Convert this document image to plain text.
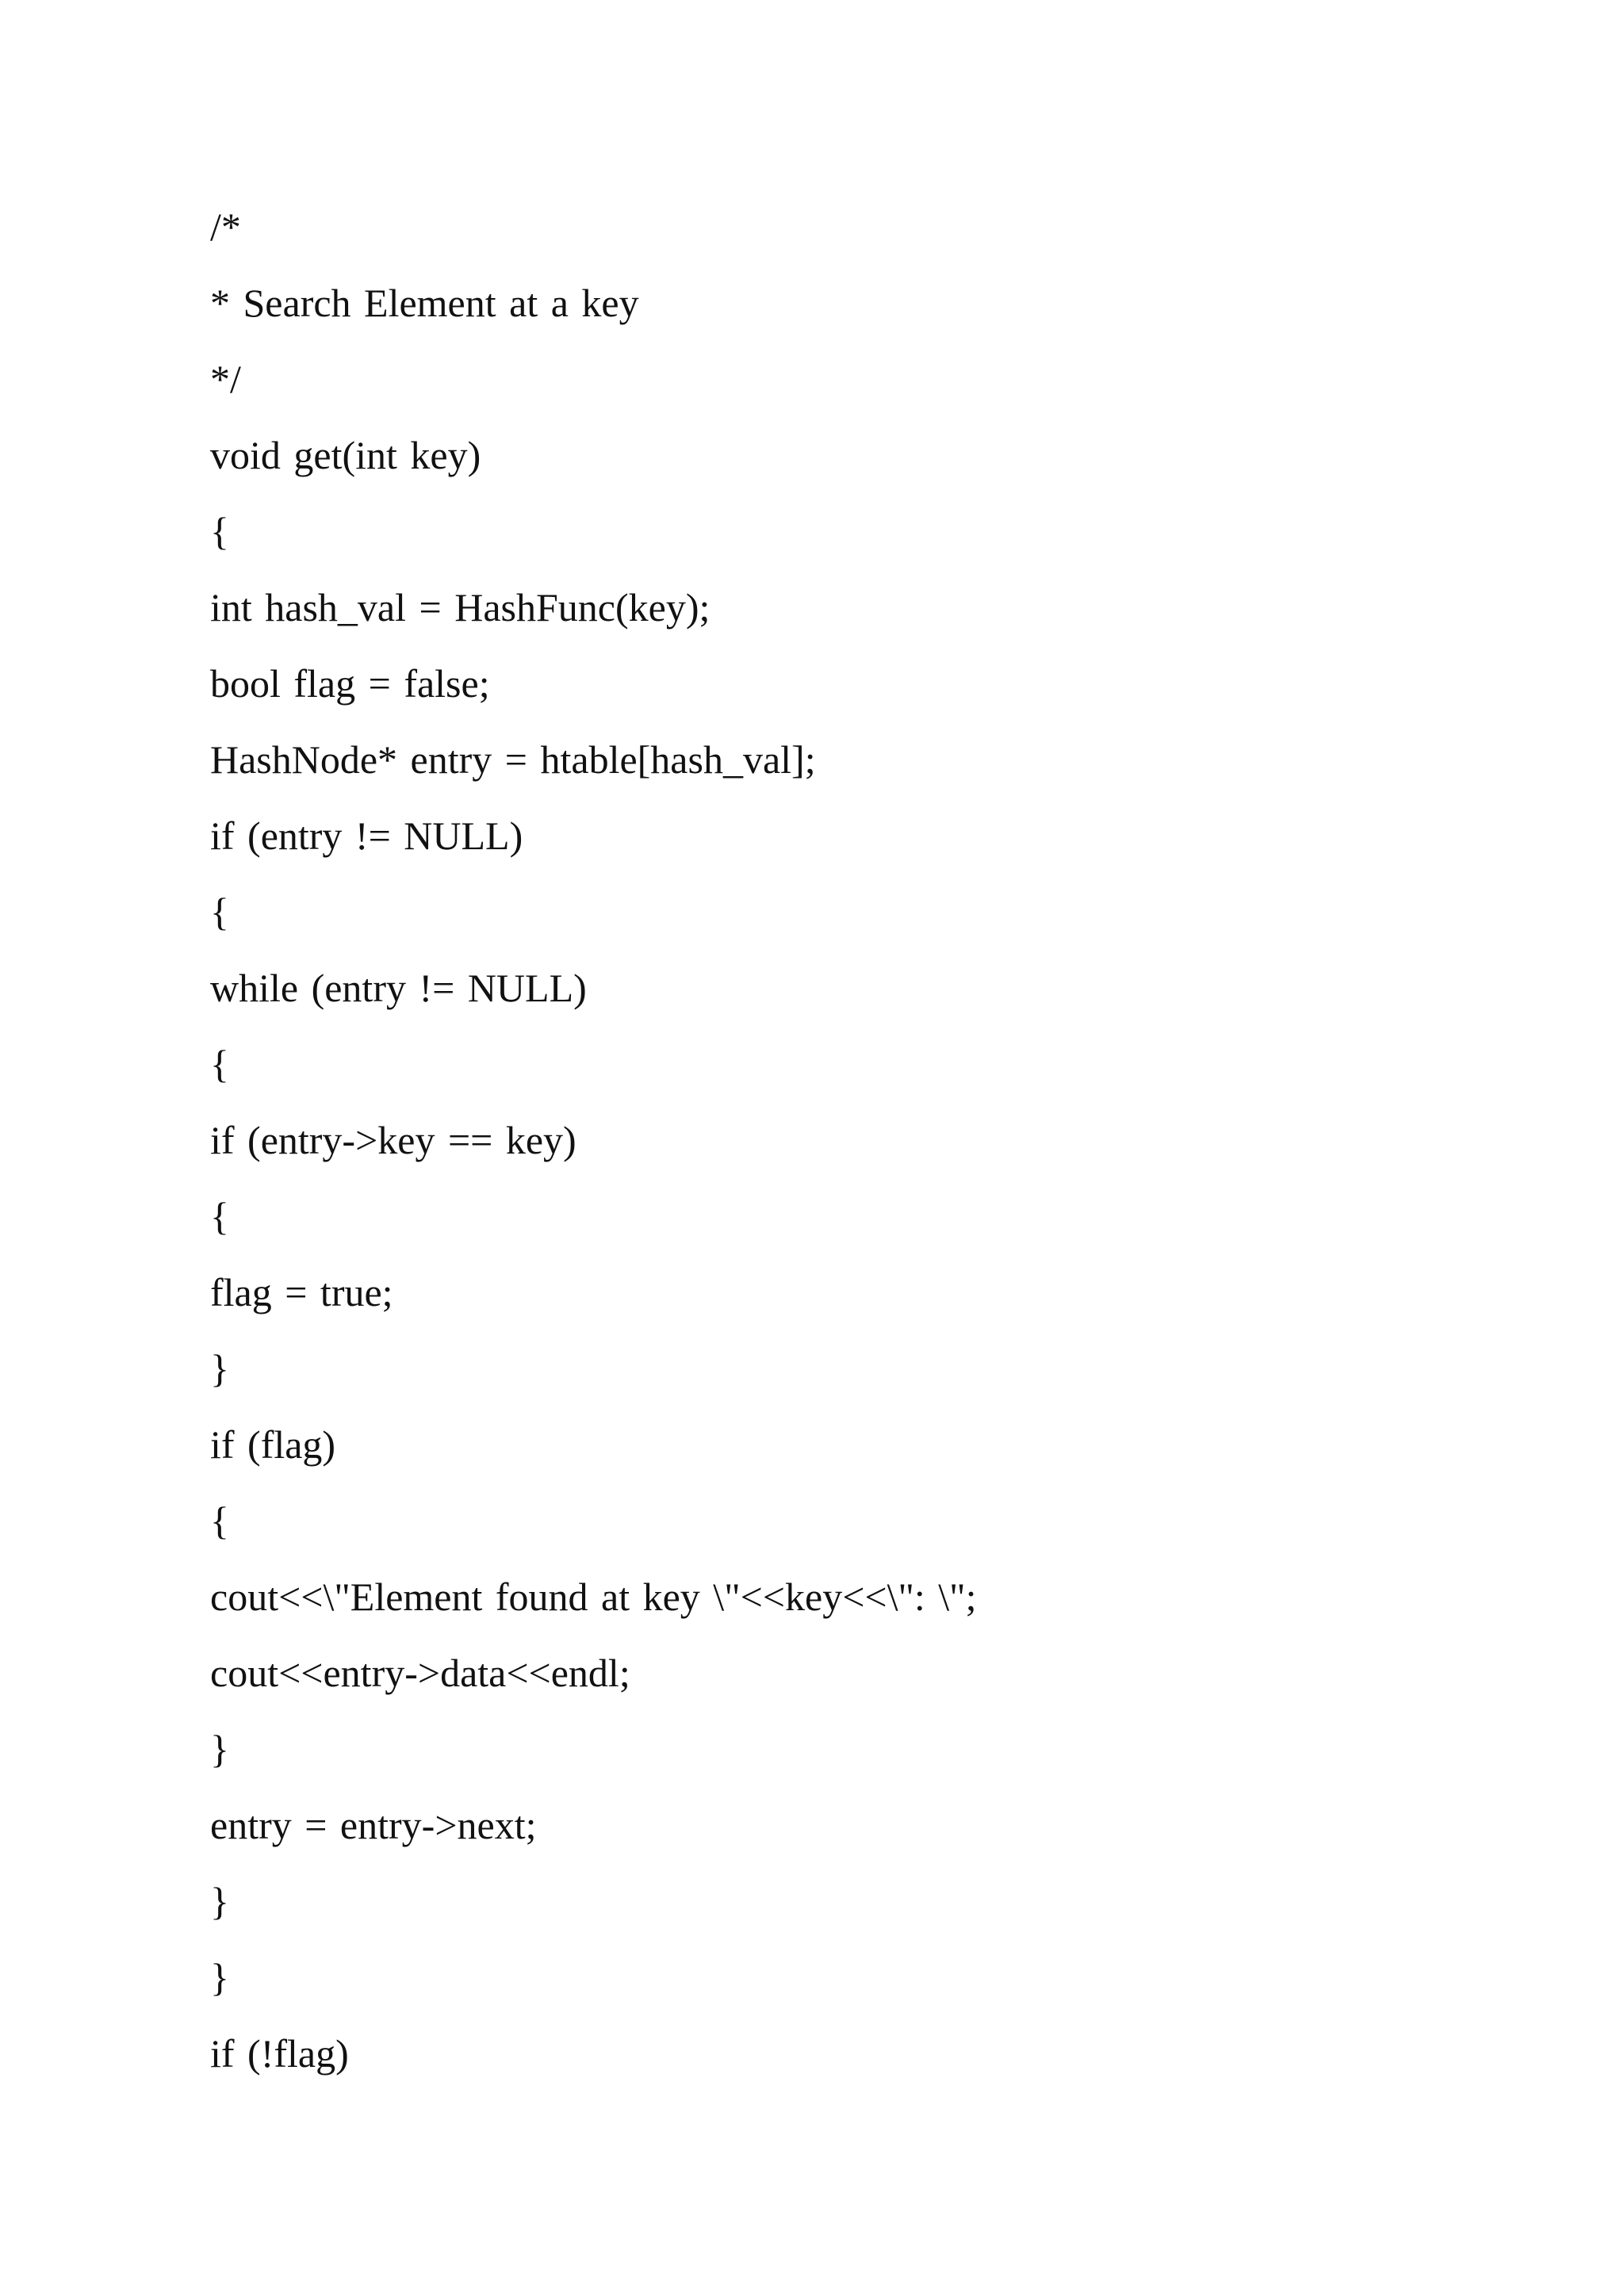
/*
* Search Element at a key
*/
void get(int key)
{
int hash_val = HashFunc(key);
bool flag = false;
HashNode* entry = htable[hash_val];
if (entry != NULL)
{
while (entry != NULL)
{
if (entry->key == key)
{
flag = true;
}
if (flag)
{
cout<<\"Element found at key \"<<key<<\": \";
cout<<entry->data<<endl;
}
entry = entry->next;
}
}
if (!flag)
